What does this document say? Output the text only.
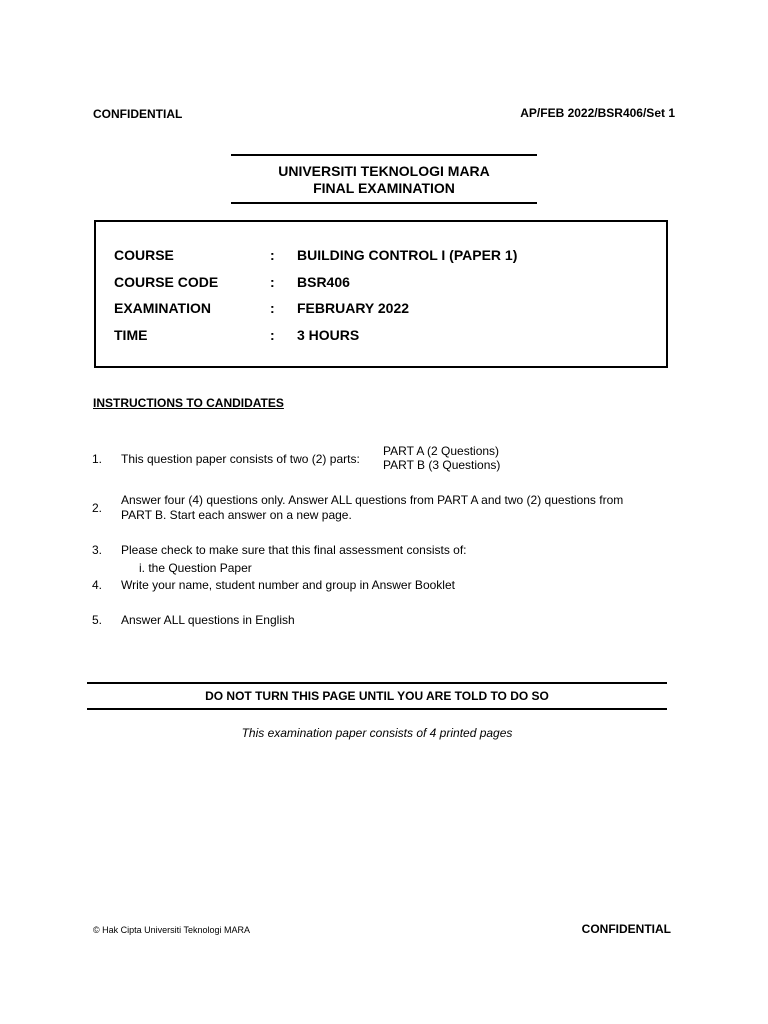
CONFIDENTIAL	AP/FEB 2022/BSR406/Set 1
UNIVERSITI TEKNOLOGI MARA
FINAL EXAMINATION
COURSE	: BUILDING CONTROL I (PAPER 1)
COURSE CODE	: BSR406
EXAMINATION	: FEBRUARY 2022
TIME	: 3 HOURS
INSTRUCTIONS TO CANDIDATES
1. This question paper consists of two (2) parts:
PART A (2 Questions)
PART B (3 Questions)
2.
Answer four (4) questions only. Answer ALL questions from PART A and two (2) questions from
PART B. Start each answer on a new page.
3. Please check to make sure that this final assessment consists of:
i. the Question Paper
4. Write your name, student number and group in Answer Booklet
5. Answer ALL questions in English
DO NOT TURN THIS PAGE UNTIL YOU ARE TOLD TO DO SO
This examination paper consists of 4 printed pages
© Hak Cipta Universiti Teknologi MARA	CONFIDENTIAL
